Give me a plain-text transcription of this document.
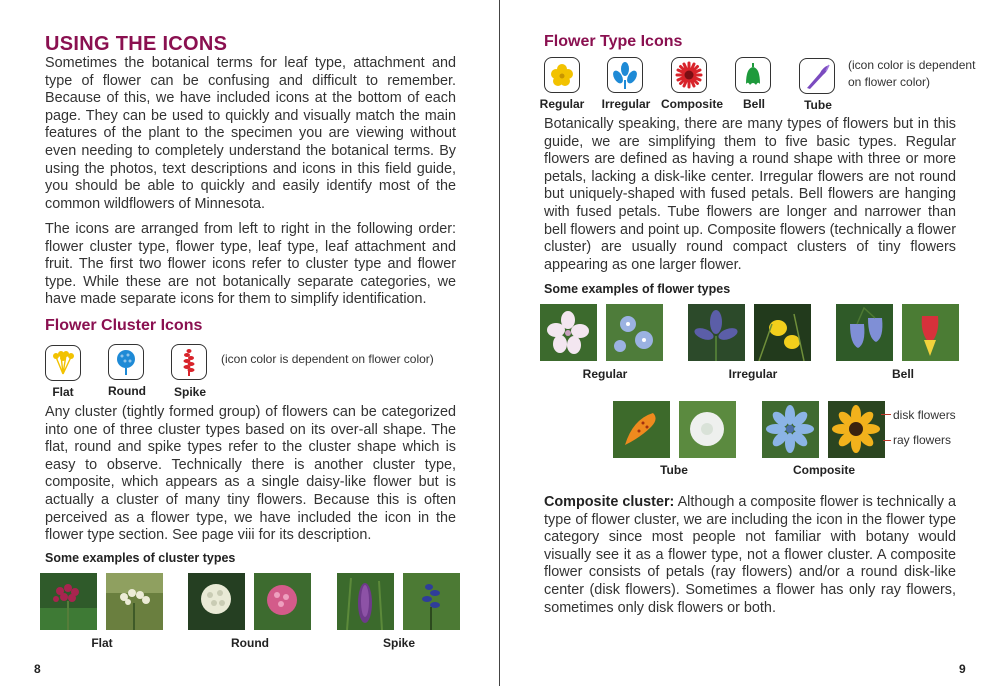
USING THE ICONS

Sometimes the botanical terms for leaf type, attachment and type of flower can be confusing and difficult to remember. Because of this, we have included icons at the bottom of each page. They can be used to quickly and visually match the main features of the plant to the specimen you are viewing without even needing to completely understand the botanical terms. By using the photos, text descriptions and icons in this field guide, you should be able to quickly and easily identify most of the common wildflowers of Minnesota.

The icons are arranged from left to right in the following order: flower cluster type, flower type, leaf type, leaf attachment and fruit. The first two flower icons refer to cluster type and flower type. While these are not botanically separate categories, we have made separate icons for them to simplify identification.

Flower Cluster Icons
Flat	Round	Spike
(icon color is dependent on flower color)

Any cluster (tightly formed group) of flowers can be categorized into one of three cluster types based on its over-all shape. The flat, round and spike types refer to the cluster shape which is easy to observe. Technically there is another cluster type, composite, which appears as a single daisy-like flower but is actually a cluster of many tiny flowers. Because this is often perceived as a flower type, we have included the icon in the flower type section. See page viii for its description.

Some examples of cluster types
Flat	Round	Spike
8
Flower Type Icons
Regular	Irregular Composite	Bell	Tube
(icon color is dependent
on flower color)

Botanically speaking, there are many types of flowers but in this guide, we are simplifying them to five basic types. Regular flowers are defined as having a round shape with three or more petals, lacking a disk-like center. Irregular flowers are not round but uniquely-shaped with fused petals. Bell flowers are hanging with fused petals. Tube flowers are longer and narrower than bell flowers and point up. Composite flowers (technically a flower cluster) are usually round compact clusters of tiny flowers appearing as one larger flower.

Some examples of flower types
Regular	Irregular	Bell
disk flowers
ray flowers
Tube	Composite

Composite cluster: Although a composite flower is technically a type of flower cluster, we are including the icon in the flower type category since most people not familiar with botany would visually see it as a flower type, not a flower cluster. A composite flower consists of petals (ray flowers) and/or a round disk-like center (disk flowers). Sometimes a flower has only ray flowers, sometimes only disk flowers or both.

9
